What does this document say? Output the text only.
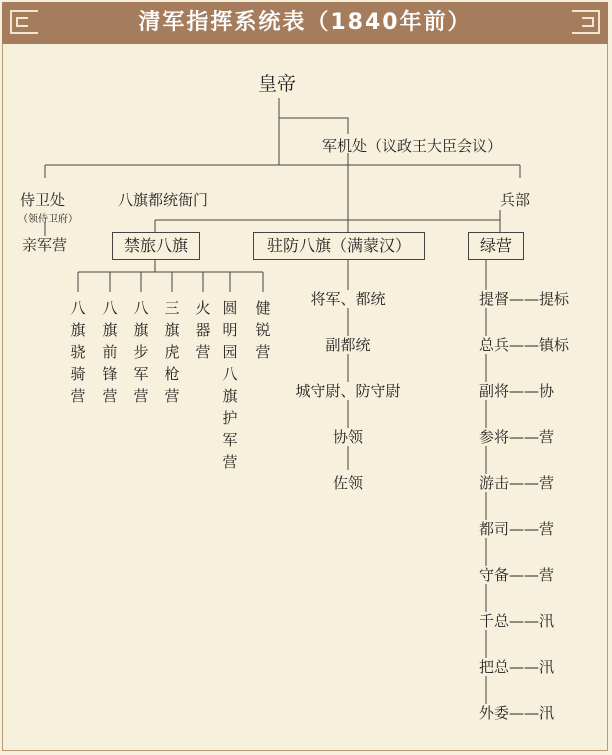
清军指挥系统表（1840年前）
皇帝
军机处（议政王大臣会议）
侍卫处
（领侍卫府）
亲军营
八旗都统衙门	兵部
禁旅八旗	驻防八旗（满蒙汉）	绿营
八旗骁骑营
八旗前锋营
八旗步军营
三旗虎枪营
火器营
圆明园八旗护军营
健锐营
将军、都统
副都统
城守尉、防守尉
协领
佐领
提督——提标
总兵——镇标
副将——协
参将——营
游击——营
都司——营
守备——营
千总——汛
把总——汛
外委——汛
